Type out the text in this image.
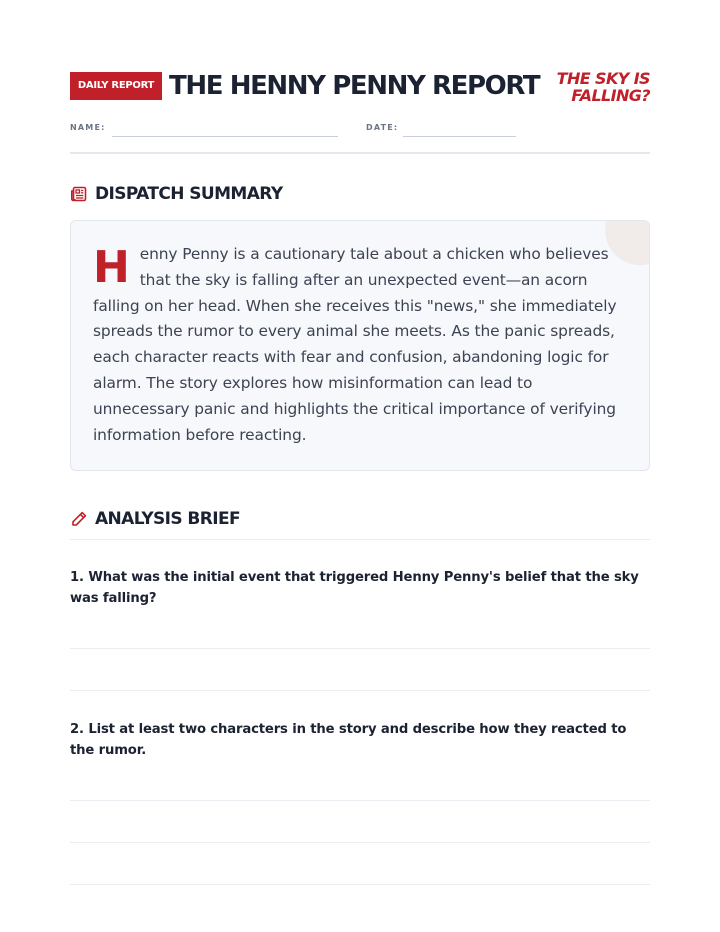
DAILY REPORT THE HENNY PENNY REPORT	THE SKY IS
FALLING?
NAME:	DATE:
DISPATCH SUMMARY
Henny Penny is a cautionary tale about a chicken who believes that the sky is falling after an unexpected event—an acorn falling on her head. When she receives this "news," she immediately spreads the rumor to every animal she meets. As the panic spreads, each character reacts with fear and confusion, abandoning logic for alarm. The story explores how misinformation can lead to unnecessary panic and highlights the critical importance of verifying information before reacting.
ANALYSIS BRIEF
1. What was the initial event that triggered Henny Penny's belief that the sky was falling?
2. List at least two characters in the story and describe how they reacted to the rumor.
